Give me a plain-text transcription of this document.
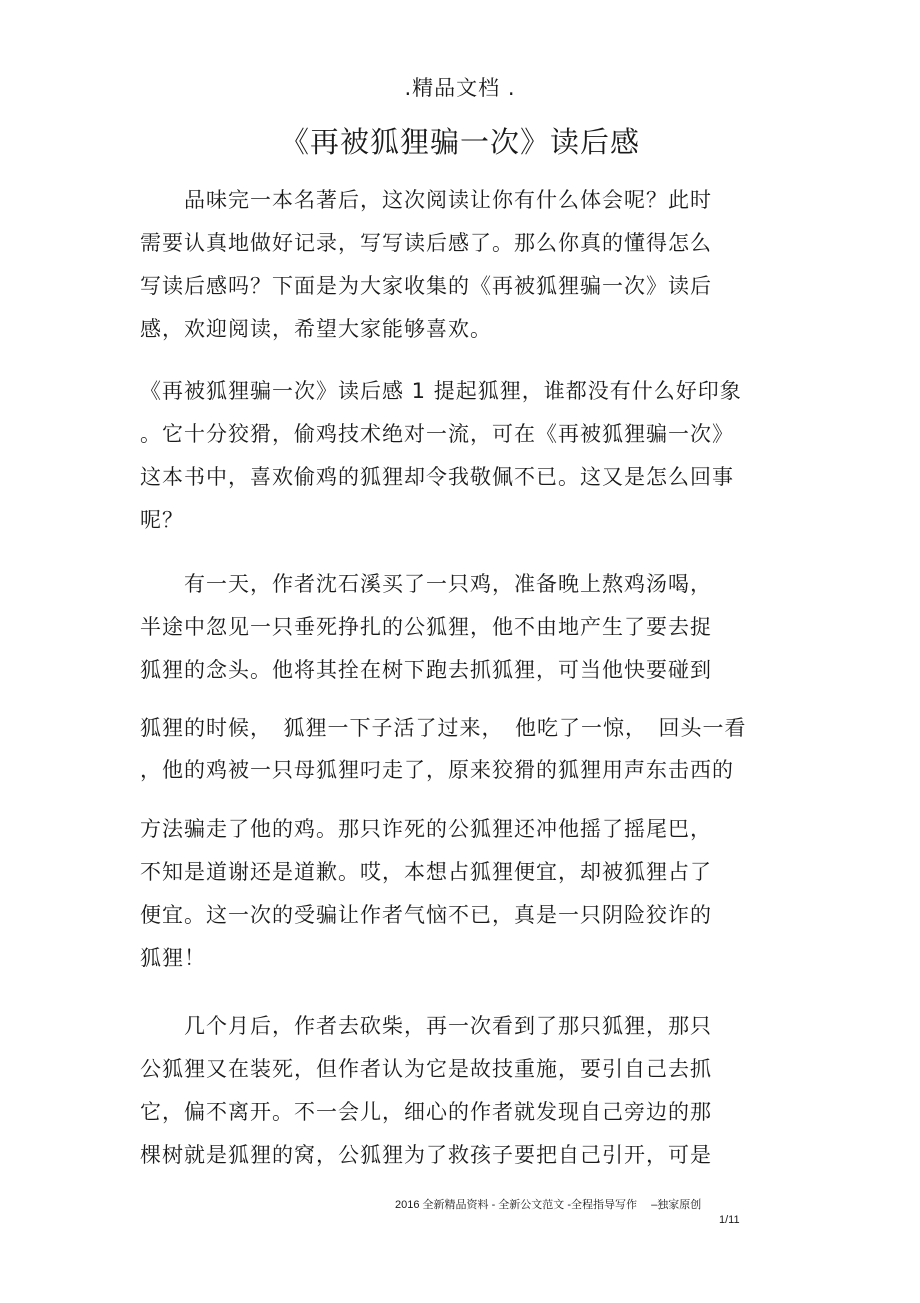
.精品文档 .
《再被狐狸骗一次》读后感
　　品味完一本名著后，这次阅读让你有什么体会呢？此时
需要认真地做好记录，写写读后感了。那么你真的懂得怎么
写读后感吗？下面是为大家收集的《再被狐狸骗一次》读后
感，欢迎阅读，希望大家能够喜欢。
《再被狐狸骗一次》读后感 1 提起狐狸，谁都没有什么好印象
。它十分狡猾，偷鸡技术绝对一流，可在《再被狐狸骗一次》
这本书中，喜欢偷鸡的狐狸却令我敬佩不已。这又是怎么回事
呢？
　　有一天，作者沈石溪买了一只鸡，准备晚上熬鸡汤喝，
半途中忽见一只垂死挣扎的公狐狸，他不由地产生了要去捉
狐狸的念头。他将其拴在树下跑去抓狐狸，可当他快要碰到
狐狸的时候，　狐狸一下子活了过来，　他吃了一惊，　回头一看
，他的鸡被一只母狐狸叼走了，原来狡猾的狐狸用声东击西的
方法骗走了他的鸡。那只诈死的公狐狸还冲他摇了摇尾巴，
不知是道谢还是道歉。哎，本想占狐狸便宜，却被狐狸占了
便宜。这一次的受骗让作者气恼不已，真是一只阴险狡诈的
狐狸！
　　几个月后，作者去砍柴，再一次看到了那只狐狸，那只
公狐狸又在装死，但作者认为它是故技重施，要引自己去抓
它，偏不离开。不一会儿，细心的作者就发现自己旁边的那
棵树就是狐狸的窝，公狐狸为了救孩子要把自己引开，可是
2016 全新精品资料 - 全新公文范文 -全程指导写作　 –独家原创
1/11
